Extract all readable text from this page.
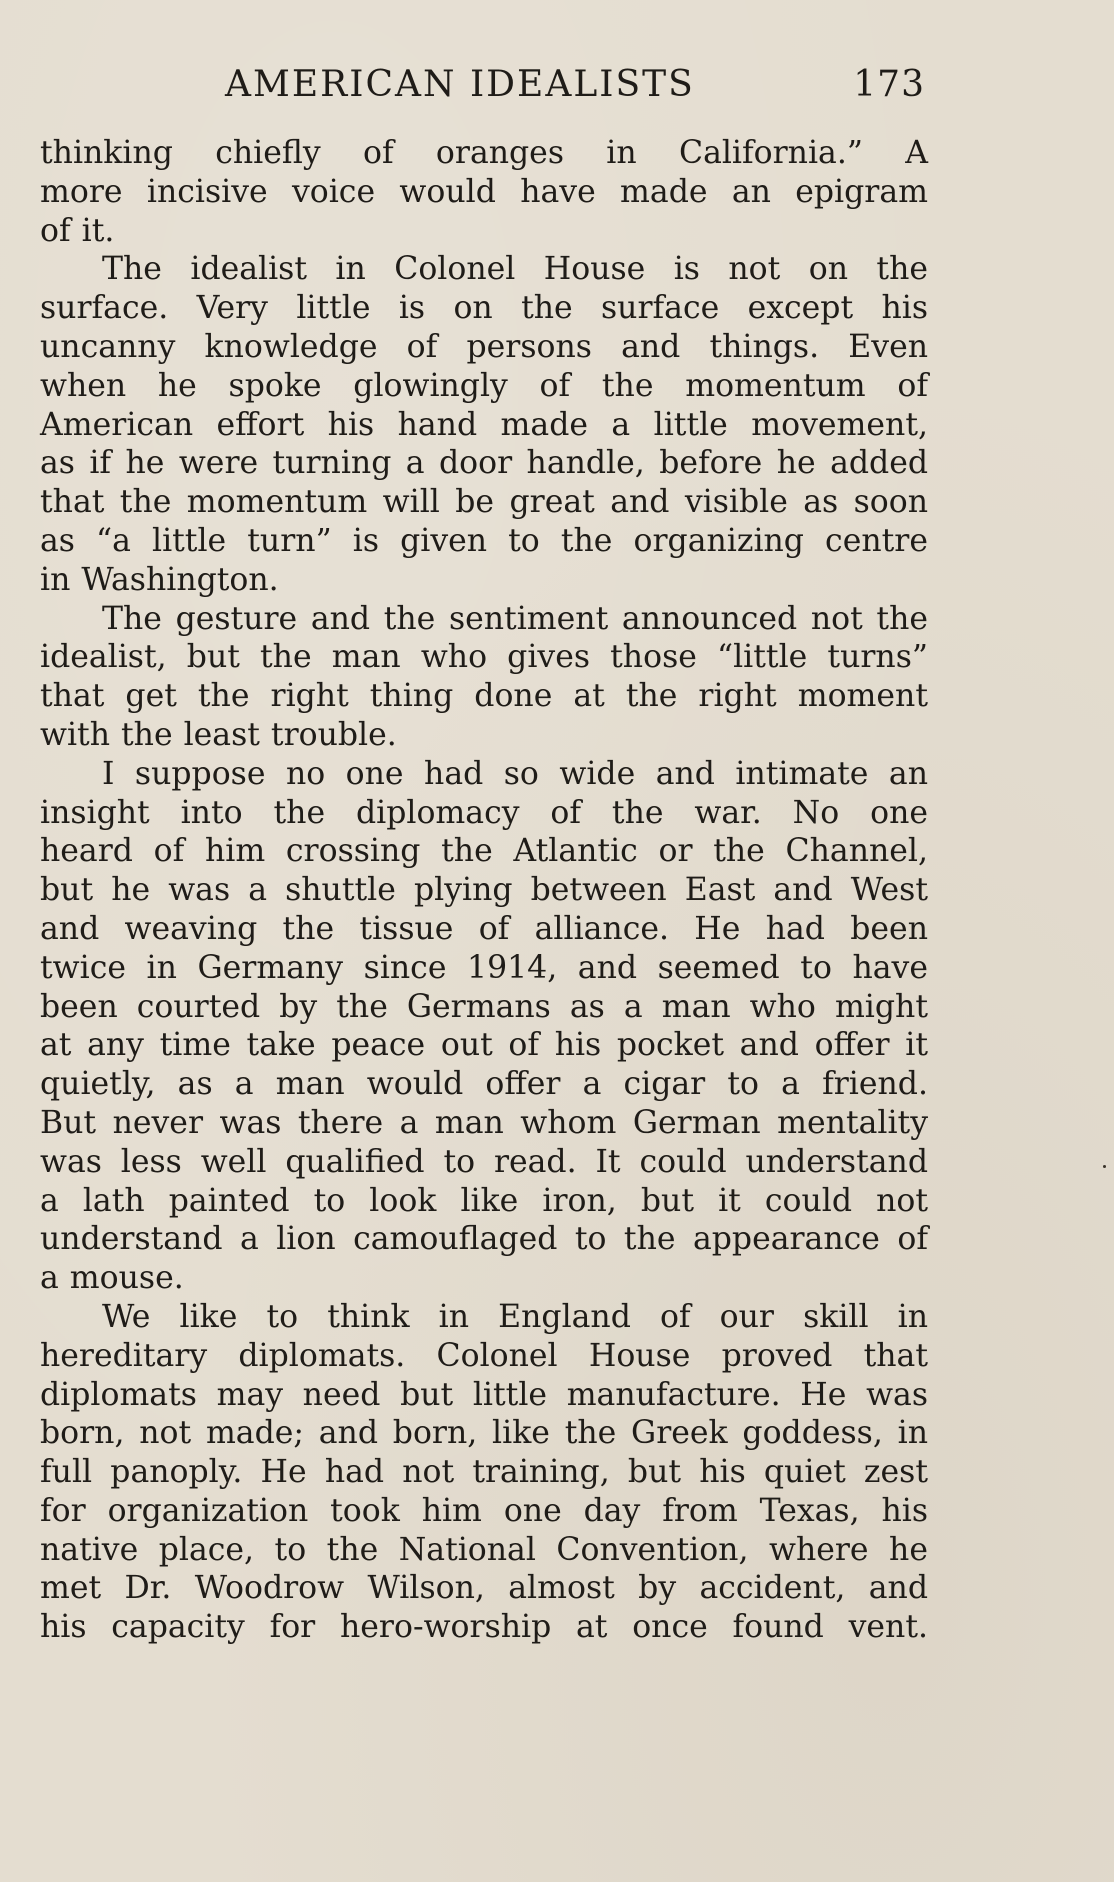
AMERICAN IDEALISTS	173
thinking chiefly of oranges in California.” A
more incisive voice would have made an epigram
of it.
The idealist in Colonel House is not on the
surface. Very little is on the surface except his
uncanny knowledge of persons and things. Even
when he spoke glowingly of the momentum of
American effort his hand made a little movement,
as if he were turning a door handle, before he added
that the momentum will be great and visible as soon
as “a little turn” is given to the organizing centre
in Washington.
The gesture and the sentiment announced not the
idealist, but the man who gives those “little turns”
that get the right thing done at the right moment
with the least trouble.
I suppose no one had so wide and intimate an
insight into the diplomacy of the war. No one
heard of him crossing the Atlantic or the Channel,
but he was a shuttle plying between East and West
and weaving the tissue of alliance. He had been
twice in Germany since 1914, and seemed to have
been courted by the Germans as a man who might
at any time take peace out of his pocket and offer it
quietly, as a man would offer a cigar to a friend.
But never was there a man whom German mentality
was less well qualified to read. It could understand
a lath painted to look like iron, but it could not
understand a lion camouflaged to the appearance of
a mouse.
We like to think in England of our skill in
hereditary diplomats. Colonel House proved that
diplomats may need but little manufacture. He was
born, not made; and born, like the Greek goddess, in
full panoply. He had not training, but his quiet zest
for organization took him one day from Texas, his
native place, to the National Convention, where he
met Dr. Woodrow Wilson, almost by accident, and
his capacity for hero-worship at once found vent.
